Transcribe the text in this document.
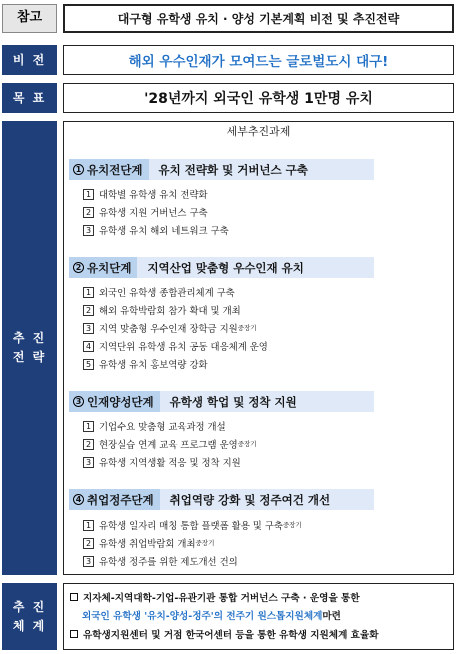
참고	대구형 유학생 유치 · 양성 기본계획 비전 및 추진전략
비 전	해외 우수인재가 모여드는 글로벌도시 대구!
목 표	'28년까지 외국인 유학생 1만명 유치
추 진
전 략
세부추진과제
1 유치전단계	유치 전략화 및 거버넌스 구축
1 대학별 유학생 유치 전략화
2 유학생 지원 거버넌스 구축
3 유학생 유치 해외 네트워크 구축
2 유치단계	지역산업 맞춤형 우수인재 유치
1 외국인 유학생 종합관리체계 구축
2 해외 유학박람회 참가 확대 및 개최
3 지역 맞춤형 우수인재 장학금 지원 중장기
4 지역단위 유학생 유치 공동 대응체계 운영
5 유학생 유치 홍보역량 강화
3 인재양성단계	유학생 학업 및 정착 지원
1 기업수요 맞춤형 교육과정 개설
2 현장실습 연계 교육 프로그램 운영 중장기
3 유학생 지역생활 적응 및 정착 지원
4 취업정주단계	취업역량 강화 및 정주여건 개선
1 유학생 일자리 매칭 통합 플랫폼 활용 및 구축 중장기
2 유학생 취업박람회 개최 중장기
3 유학생 정주를 위한 제도개선 건의
추 진
체 계
지자체-지역대학-기업-유관기관 통합 거버넌스 구축 · 운영을 통한
외국인 유학생 '유치-양성-정주'의 전주기 원스톱지원체계 마련
유학생지원센터 및 거점 한국어센터 등을 통한 유학생 지원체계 효율화
